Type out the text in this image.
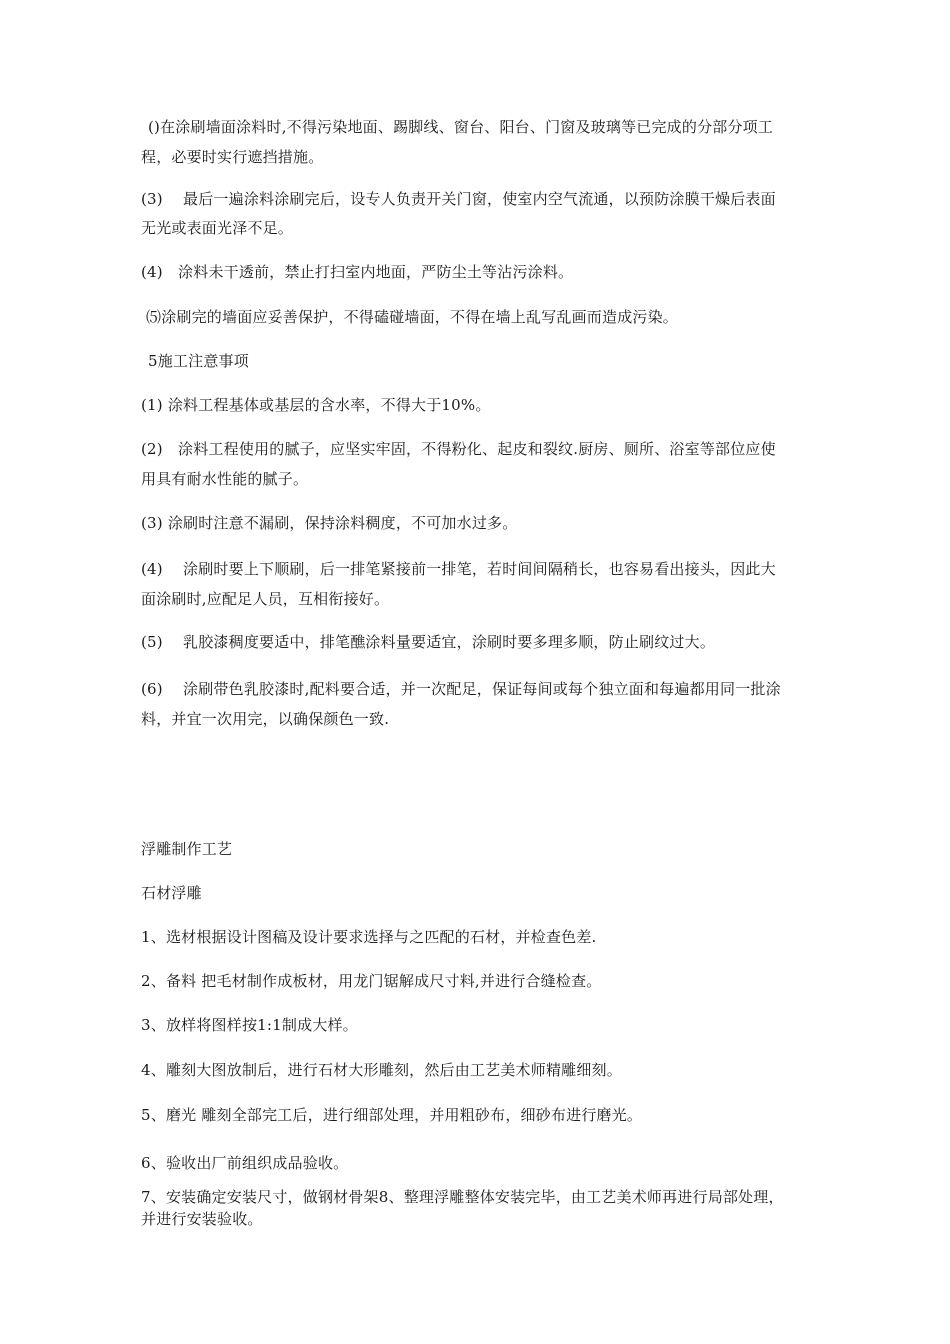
()在涂刷墙面涂料时,不得污染地面、踢脚线、窗台、阳台、门窗及玻璃等已完成的分部分项工
程，必要时实行遮挡措施。
(3)　 最后一遍涂料涂刷完后，设专人负责开关门窗，使室内空气流通，以预防涂膜干燥后表面
无光或表面光泽不足。
(4)　涂料未干透前，禁止打扫室内地面，严防尘土等沾污涂料。
⑸涂刷完的墙面应妥善保护，不得磕碰墙面，不得在墙上乱写乱画而造成污染。
5施工注意事项
(1) 涂料工程基体或基层的含水率，不得大于10%。
(2)　涂料工程使用的腻子，应坚实牢固，不得粉化、起皮和裂纹.厨房、厕所、浴室等部位应使
用具有耐水性能的腻子。
(3) 涂刷时注意不漏刷，保持涂料稠度，不可加水过多。
(4)　 涂刷时要上下顺刷，后一排笔紧接前一排笔，若时间间隔稍长，也容易看出接头，因此大
面涂刷时,应配足人员，互相衔接好。
(5)　 乳胶漆稠度要适中，排笔醮涂料量要适宜，涂刷时要多理多顺，防止刷纹过大。
(6)　 涂刷带色乳胶漆时,配料要合适，并一次配足，保证每间或每个独立面和每遍都用同一批涂
料，并宜一次用完，以确保颜色一致.
浮雕制作工艺
石材浮雕
1、选材根据设计图稿及设计要求选择与之匹配的石材，并检查色差.
2、备料 把毛材制作成板材，用龙门锯解成尺寸料,并进行合缝检查。
3、放样将图样按1:1制成大样。
4、雕刻大图放制后，进行石材大形雕刻，然后由工艺美术师精雕细刻。
5、磨光 雕刻全部完工后，进行细部处理，并用粗砂布，细砂布进行磨光。
6、验收出厂前组织成品验收。
7、安装确定安装尺寸，做钢材骨架8、整理浮雕整体安装完毕，由工艺美术师再进行局部处理，
并进行安装验收。
